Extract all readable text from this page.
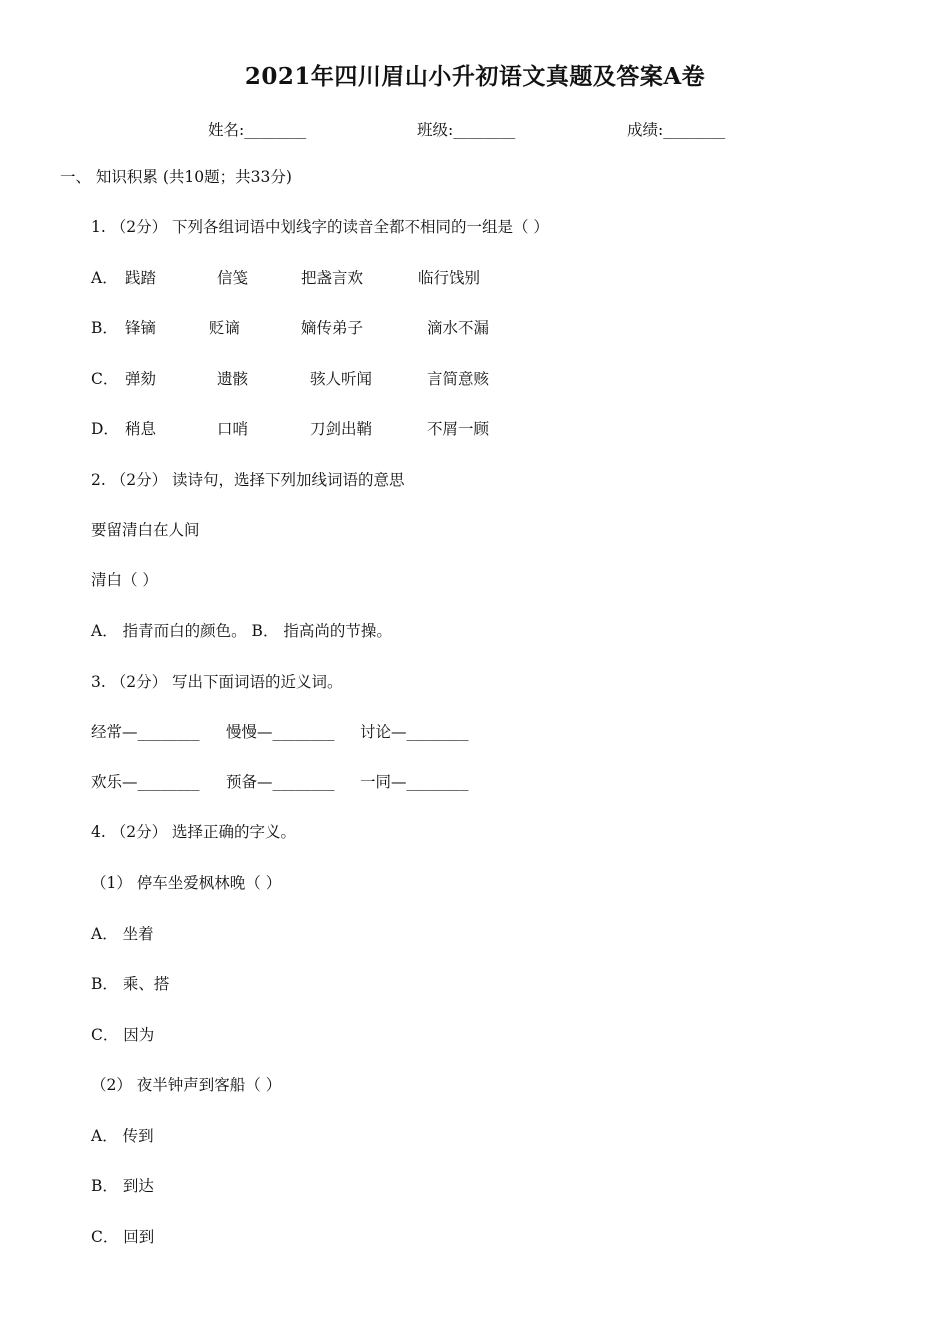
2021年四川眉山小升初语文真题及答案A卷
姓名:________	班级:________	成绩:________
一、 知识积累 (共10题；共33分)
1. （2分） 下列各组词语中划线字的读音全都不相同的一组是（ ）
A． 践踏	信笺	把盏言欢	临行饯别
B． 锋镝	贬谪	嫡传弟子	滴水不漏
C． 弹劾	遗骸	骇人听闻	言简意赅
D． 稍息	口哨	刀剑出鞘	不屑一顾
2. （2分） 读诗句，选择下列加线词语的意思
要留清白在人间
清白（ ）
A． 指青而白的颜色。 B． 指高尚的节操。
3. （2分） 写出下面词语的近义词。
经常—________ 慢慢—________ 讨论—________
欢乐—________ 预备—________ 一同—________
4. （2分） 选择正确的字义。
（1） 停车坐爱枫林晚（ ）
A． 坐着
B． 乘、搭
C． 因为
（2） 夜半钟声到客船（ ）
A． 传到
B． 到达
C． 回到
